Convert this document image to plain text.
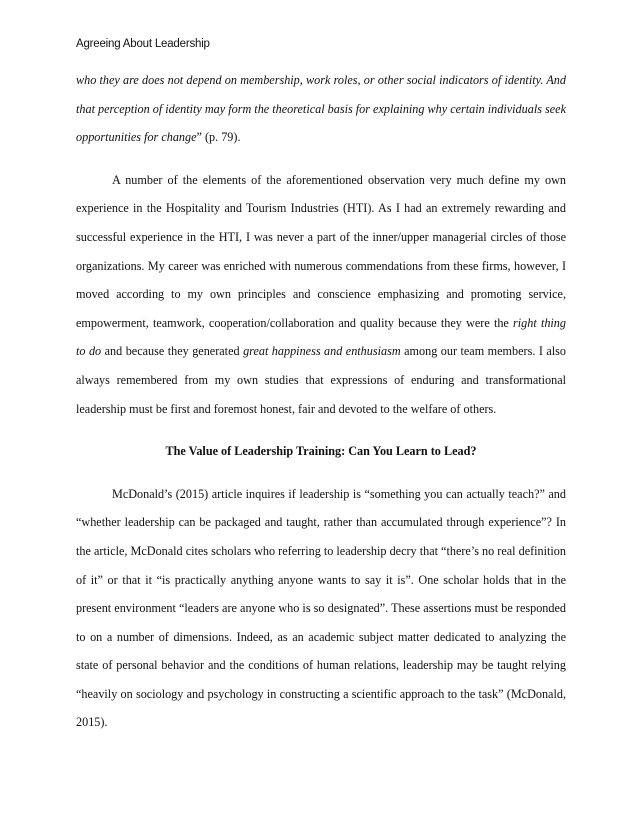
Agreeing About Leadership

who they are does not depend on membership, work roles, or other social indicators of identity. And that perception of identity may form the theoretical basis for explaining why certain individuals seek opportunities for change” (p. 79).

A number of the elements of the aforementioned observation very much define my own experience in the Hospitality and Tourism Industries (HTI). As I had an extremely rewarding and successful experience in the HTI, I was never a part of the inner/upper managerial circles of those organizations. My career was enriched with numerous commendations from these firms, however, I moved according to my own principles and conscience emphasizing and promoting service, empowerment, teamwork, cooperation/collaboration and quality because they were the right thing to do and because they generated great happiness and enthusiasm among our team members. I also always remembered from my own studies that expressions of enduring and transformational leadership must be first and foremost honest, fair and devoted to the welfare of others.

The Value of Leadership Training: Can You Learn to Lead?

McDonald’s (2015) article inquires if leadership is “something you can actually teach?” and “whether leadership can be packaged and taught, rather than accumulated through experience”? In the article, McDonald cites scholars who referring to leadership decry that “there’s no real definition of it” or that it “is practically anything anyone wants to say it is”. One scholar holds that in the present environment “leaders are anyone who is so designated”. These assertions must be responded to on a number of dimensions. Indeed, as an academic subject matter dedicated to analyzing the state of personal behavior and the conditions of human relations, leadership may be taught relying “heavily on sociology and psychology in constructing a scientific approach to the task” (McDonald, 2015).
